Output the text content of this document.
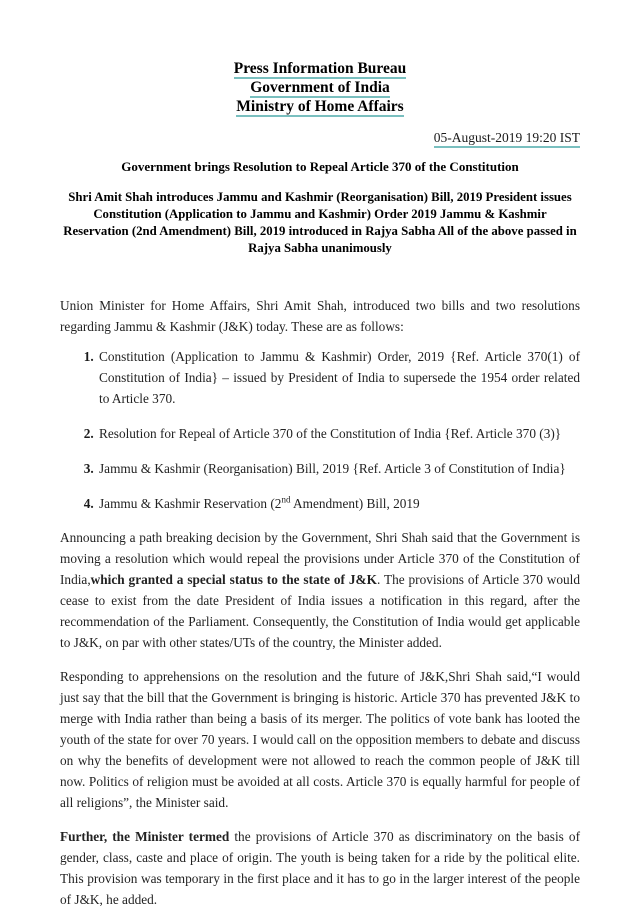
Press Information Bureau
Government of India
Ministry of Home Affairs
05-August-2019 19:20 IST
Government brings Resolution to Repeal Article 370 of the Constitution
Shri Amit Shah introduces Jammu and Kashmir (Reorganisation) Bill, 2019 President issues Constitution (Application to Jammu and Kashmir) Order 2019 Jammu & Kashmir Reservation (2nd Amendment) Bill, 2019 introduced in Rajya Sabha All of the above passed in Rajya Sabha unanimously

Union Minister for Home Affairs, Shri Amit Shah, introduced two bills and two resolutions regarding Jammu & Kashmir (J&K) today. These are as follows:

1. Constitution (Application to Jammu & Kashmir) Order, 2019 {Ref. Article 370(1) of Constitution of India} – issued by President of India to supersede the 1954 order related to Article 370.
2. Resolution for Repeal of Article 370 of the Constitution of India {Ref. Article 370 (3)}
3. Jammu & Kashmir (Reorganisation) Bill, 2019 {Ref. Article 3 of Constitution of India}
4. Jammu & Kashmir Reservation (2nd Amendment) Bill, 2019

Announcing a path breaking decision by the Government, Shri Shah said that the Government is moving a resolution which would repeal the provisions under Article 370 of the Constitution of India,which granted a special status to the state of J&K. The provisions of Article 370 would cease to exist from the date President of India issues a notification in this regard, after the recommendation of the Parliament. Consequently, the Constitution of India would get applicable to J&K, on par with other states/UTs of the country, the Minister added.

Responding to apprehensions on the resolution and the future of J&K,Shri Shah said,“I would just say that the bill that the Government is bringing is historic. Article 370 has prevented J&K to merge with India rather than being a basis of its merger. The politics of vote bank has looted the youth of the state for over 70 years. I would call on the opposition members to debate and discuss on why the benefits of development were not allowed to reach the common people of J&K till now. Politics of religion must be avoided at all costs. Article 370 is equally harmful for people of all religions”, the Minister said.

Further, the Minister termed the provisions of Article 370 as discriminatory on the basis of gender, class, caste and place of origin. The youth is being taken for a ride by the political elite. This provision was temporary in the first place and it has to go in the larger interest of the people of J&K, he added.
